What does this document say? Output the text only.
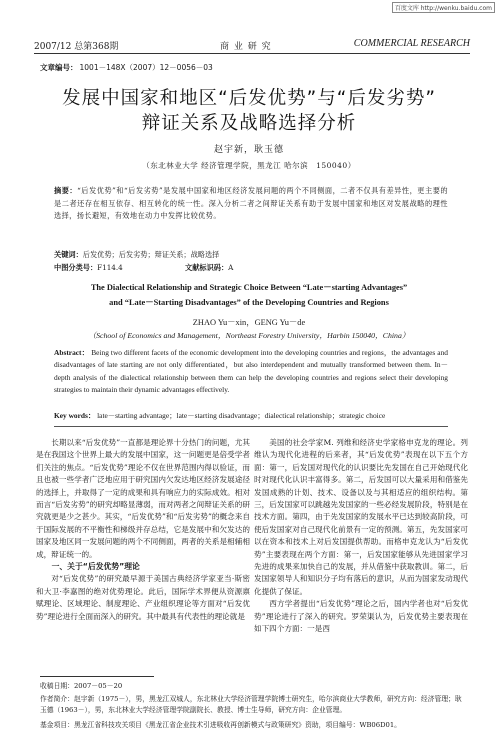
百度文库 http://wenku.baidu.com
2007/12 总第368期	商 业 研 究	COMMERCIAL RESEARCH
文章编号： 1001－148X（2007）12－0056－03
发展中国家和地区“后发优势”与“后发劣势”
辩证关系及战略选择分析
赵宇新，耿玉德
（东北林业大学 经济管理学院，黑龙江 哈尔滨　150040）
摘要：“后发优势”和“后发劣势”是发展中国家和地区经济发展问题的两个不同侧面，二者不仅具有差异性，更主要的是二者还存在相互依存、相互转化的统一性。深入分析二者之间辩证关系有助于发展中国家和地区对发展战略的理性选择，扬长避短，有效地在动力中发挥比较优势。
关键词：后发优势；后发劣势；辩证关系；战略选择
中图分类号：F114.4	文献标识码：A
The Dialectical Relationship and Strategic Choice Between “Late－starting Advantages”
and “Late－Starting Disadvantages” of the Developing Countries and Regions
ZHAO Yu－xin，GENG Yu－de
（School of Economics and Management，Northeast Forestry University，Harbin 150040，China）
Abstract： Being two different facets of the economic development into the developing countries and regions，the advantages and disadvantages of late starting are not only differentiated，but also interdependent and mutually transformed between them. In－depth analysis of the dialectical relationship between them can help the developing countries and regions select their developing strategies to maintain their dynamic advantages effectively.
Key words： late－starting advantage；late－starting disadvantage；dialectical relationship；strategic choice

长期以来“后发优势”一直都是理论界十分热门的问题，尤其是在我国这个世界上最大的发展中国家，这一问题更是倍受学者们关注的焦点。“后发优势”理论不仅在世界范围内得以验证，而且也被一些学者广泛地应用于研究国内欠发达地区经济发展途径的选择上，并取得了一定的成果和具有响应力的实际成效。相对而言“后发劣势”的研究却略显薄弱，而对两者之间辩证关系的研究就更是少之甚少。其实，“后发优势”和“后发劣势”的概念来自于国际发展的不平衡性和梯级并存总结，它是发展中和欠发达的国家及地区同一发展问题的两个不同侧面，两者的关系是相辅相成，辩证统一的。

一、关于“后发优势”理论

对“后发优势”的研究最早源于美国古典经济学家亚当·斯密和大卫·李嘉图的绝对优势理论。此后，国际学术界便从资源禀赋理论、区域理论、制度理论、产业组织理论等方面对“后发优势”理论进行全面而深入的研究。其中最具有代表性的理论就是

美国的社会学家M. 列维和经济史学家格申克龙的理论。列维认为现代化进程的后来者，其“后发优势”表现在以下五个方面：第一，后发国对现代化的认识要比先发国在自己开始现代化时对现代化认识丰富得多。第二，后发国可以大量采用和借鉴先发国成熟的计划、技术、设备以及与其相适应的组织结构。第三，后发国家可以跳越先发国家的一些必经发展阶段，特别是在技术方面。第四，由于先发国家的发展水平已达到较高阶段，可使后发国家对自己现代化前景有一定的预测。第五，先发国家可以在资本和技术上对后发国提供帮助。而格申克龙认为“后发优势”主要表现在两个方面：第一，后发国家能够从先进国家学习先进的成果来加快自己的发展，并从借鉴中获取教训。第二，后发国家领导人和知识分子均有落后的意识，从而为国家发动现代化提供了保证。

西方学者提出“后发优势”理论之后，国内学者也对“后发优势”理论进行了深入的研究。罗荣渠认为，后发优势主要表现在如下四个方面：一是西

收稿日期：2007－05－20
作者简介：赵宇新（1975－），男，黑龙江双城人，东北林业大学经济管理学院博士研究生，哈尔滨商业大学教师，研究方向：经济管理；耿玉德（1963－），男，东北林业大学经济管理学院副院长、教授、博士生导师，研究方向：企业管理。
基金项目：黑龙江省科技攻关项目《黑龙江省企业技术引进吸收再创新模式与政策研究》资助，项目编号：WB06D01。
